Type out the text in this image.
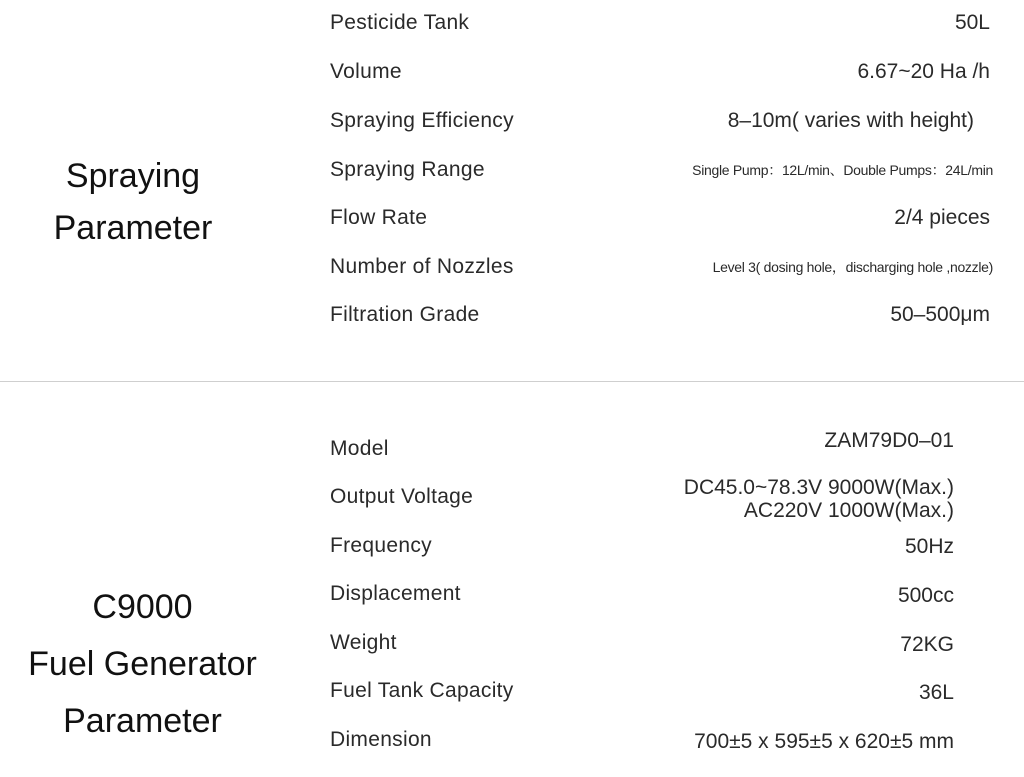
Spraying
Parameter
Pesticide Tank	50L
Volume	6.67~20 Ha /h
Spraying Efficiency	8–10m( varies with height)
Spraying Range	Single Pump：12L/min、Double Pumps：24L/min
Flow Rate	2/4 pieces
Number of Nozzles	Level 3( dosing hole，discharging hole ,nozzle)
Filtration Grade	50–500μm
C9000
Fuel Generator
Parameter
Model	ZAM79D0–01
Output Voltage	DC45.0~78.3V 9000W(Max.)
AC220V 1000W(Max.)
Frequency	50Hz
Displacement	500cc
Weight	72KG
Fuel Tank Capacity	36L
Dimension	700±5 x 595±5 x 620±5 mm
